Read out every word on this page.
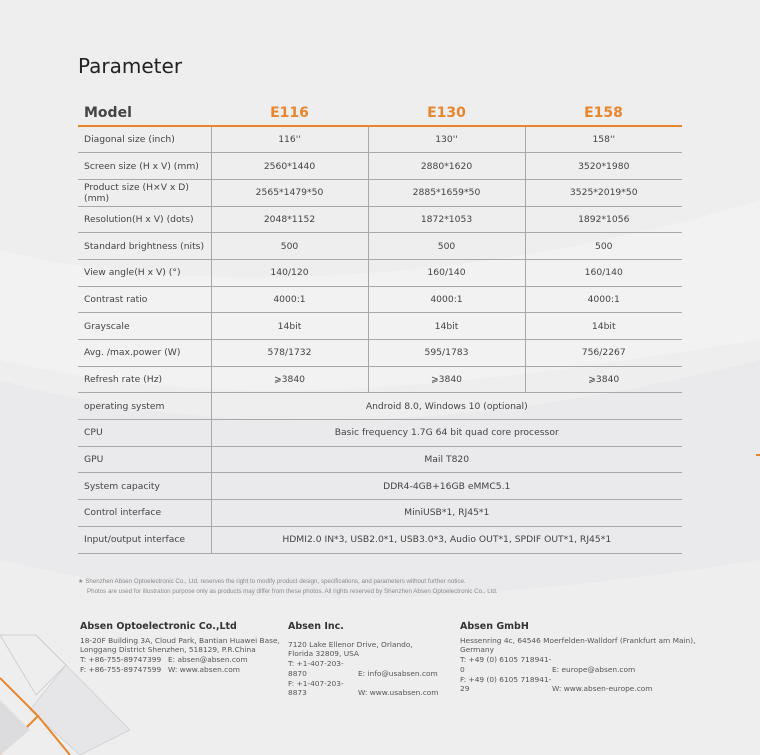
Parameter
Model	E116	E130	E158
Diagonal size (inch)	116''	130''	158''
Screen size (H x V) (mm)	2560*1440	2880*1620	3520*1980
Product size (H×V x D) (mm)	2565*1479*50	2885*1659*50	3525*2019*50
Resolution(H x V) (dots)	2048*1152	1872*1053	1892*1056
Standard brightness (nits)	500	500	500
View angle(H x V) (°)	140/120	160/140	160/140
Contrast ratio	4000:1	4000:1	4000:1
Grayscale	14bit	14bit	14bit
Avg. /max.power (W)	578/1732	595/1783	756/2267
Refresh rate (Hz)	⩾3840	⩾3840	⩾3840
operating system	Android 8.0, Windows 10 (optional)		
CPU	Basic frequency 1.7G 64 bit quad core processor		
GPU	Mail T820		
System capacity	DDR4-4GB+16GB eMMC5.1		
Control interface	MiniUSB*1, RJ45*1		
Input/output interface	HDMI2.0 IN*3, USB2.0*1, USB3.0*3, Audio OUT*1, SPDIF OUT*1, RJ45*1		
★ Shenzhen Absen Optoelectronic Co., Ltd. reserves the right to modify product design, specifications, and parameters without further notice.
Photos are used for illustration purpose only as products may differ from these photos. All rights reserved by Shenzhen Absen Optoelectronic Co., Ltd.
Absen Optoelectronic Co.,Ltd
18-20F Building 3A, Cloud Park, Bantian Huawei Base,
Longgang District Shenzhen, 518129, P.R.China
T: +86-755-89747399 E: absen@absen.com
F: +86-755-89747599 W: www.absen.com
Absen Inc.
7120 Lake Ellenor Drive, Orlando,
Florida 32809, USA
T: +1-407-203-8870	E: info@usabsen.com
F: +1-407-203-8873	W: www.usabsen.com
Absen GmbH
Hessenring 4c, 64546 Moerfelden-Walldorf (Frankfurt am Main),
Germany
T: +49 (0) 6105 718941-0	E: europe@absen.com
F: +49 (0) 6105 718941-29	W: www.absen-europe.com
